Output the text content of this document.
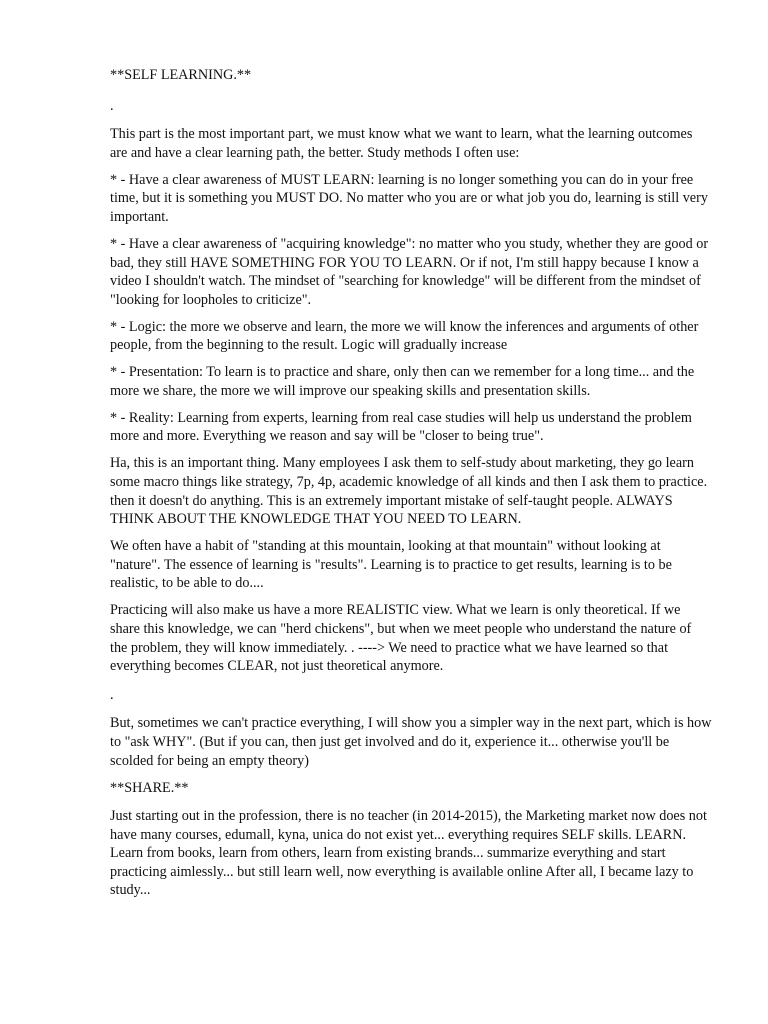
**SELF LEARNING.**

.

This part is the most important part, we must know what we want to learn, what the learning outcomes are and have a clear learning path, the better. Study methods I often use:

* - Have a clear awareness of MUST LEARN: learning is no longer something you can do in your free time, but it is something you MUST DO. No matter who you are or what job you do, learning is still very important.

* - Have a clear awareness of "acquiring knowledge": no matter who you study, whether they are good or bad, they still HAVE SOMETHING FOR YOU TO LEARN. Or if not, I'm still happy because I know a video I shouldn't watch. The mindset of "searching for knowledge" will be different from the mindset of "looking for loopholes to criticize".

* - Logic: the more we observe and learn, the more we will know the inferences and arguments of other people, from the beginning to the result. Logic will gradually increase

* - Presentation: To learn is to practice and share, only then can we remember for a long time... and the more we share, the more we will improve our speaking skills and presentation skills.

* - Reality: Learning from experts, learning from real case studies will help us understand the problem more and more. Everything we reason and say will be "closer to being true".

Ha, this is an important thing. Many employees I ask them to self-study about marketing, they go learn some macro things like strategy, 7p, 4p, academic knowledge of all kinds and then I ask them to practice. then it doesn't do anything. This is an extremely important mistake of self-taught people. ALWAYS THINK ABOUT THE KNOWLEDGE THAT YOU NEED TO LEARN.

We often have a habit of "standing at this mountain, looking at that mountain" without looking at "nature". The essence of learning is "results". Learning is to practice to get results, learning is to be realistic, to be able to do....

Practicing will also make us have a more REALISTIC view. What we learn is only theoretical. If we share this knowledge, we can "herd chickens", but when we meet people who understand the nature of the problem, they will know immediately. . ----> We need to practice what we have learned so that everything becomes CLEAR, not just theoretical anymore.

.

But, sometimes we can't practice everything, I will show you a simpler way in the next part, which is how to "ask WHY". (But if you can, then just get involved and do it, experience it... otherwise you'll be scolded for being an empty theory)

**SHARE.**

Just starting out in the profession, there is no teacher (in 2014-2015), the Marketing market now does not have many courses, edumall, kyna, unica do not exist yet... everything requires SELF skills. LEARN. Learn from books, learn from others, learn from existing brands... summarize everything and start practicing aimlessly... but still learn well, now everything is available online After all, I became lazy to study...
